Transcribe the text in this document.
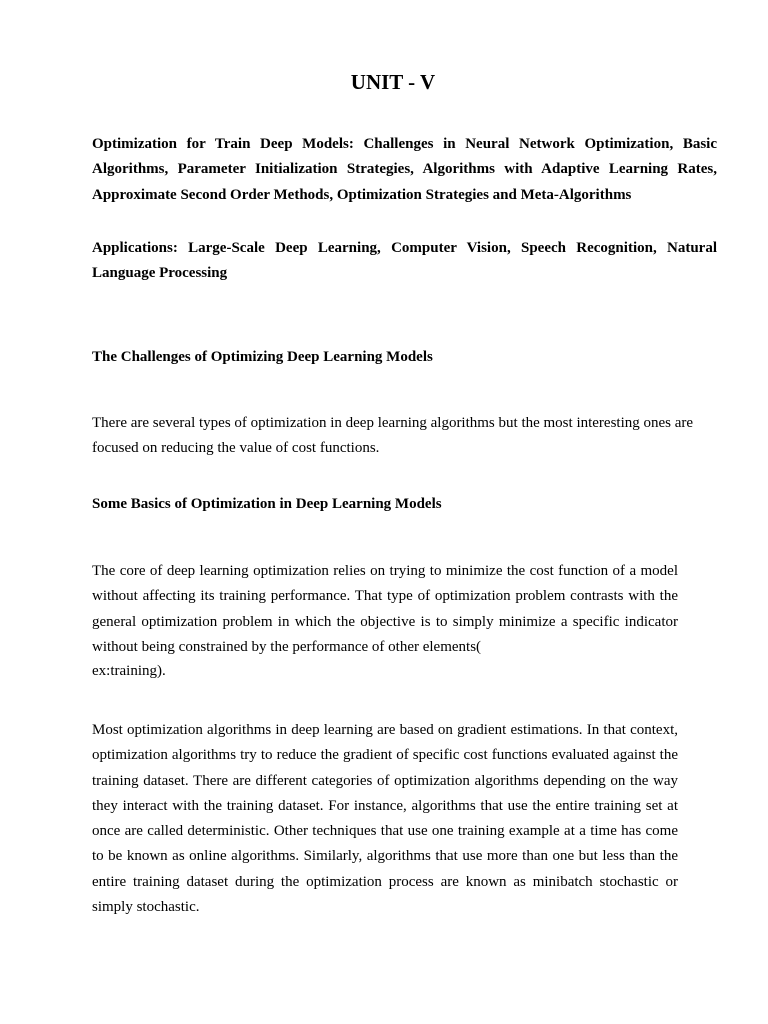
UNIT - V

Optimization for Train Deep Models: Challenges in Neural Network Optimization, Basic Algorithms, Parameter Initialization Strategies, Algorithms with Adaptive Learning Rates, Approximate Second Order Methods, Optimization Strategies and Meta-Algorithms

Applications: Large-Scale Deep Learning, Computer Vision, Speech Recognition, Natural Language Processing

The Challenges of Optimizing Deep Learning Models

There are several types of optimization in deep learning algorithms but the most interesting ones are focused on reducing the value of cost functions.

Some Basics of Optimization in Deep Learning Models

The core of deep learning optimization relies on trying to minimize the cost function of a model without affecting its training performance. That type of optimization problem contrasts with the general optimization problem in which the objective is to simply minimize a specific indicator without being constrained by the performance of other elements(

ex:training).

Most optimization algorithms in deep learning are based on gradient estimations. In that context, optimization algorithms try to reduce the gradient of specific cost functions evaluated against the training dataset. There are different categories of optimization algorithms depending on the way they interact with the training dataset. For instance, algorithms that use the entire training set at once are called deterministic. Other techniques that use one training example at a time has come to be known as online algorithms. Similarly, algorithms that use more than one but less than the entire training dataset during the optimization process are known as minibatch stochastic or simply stochastic.
